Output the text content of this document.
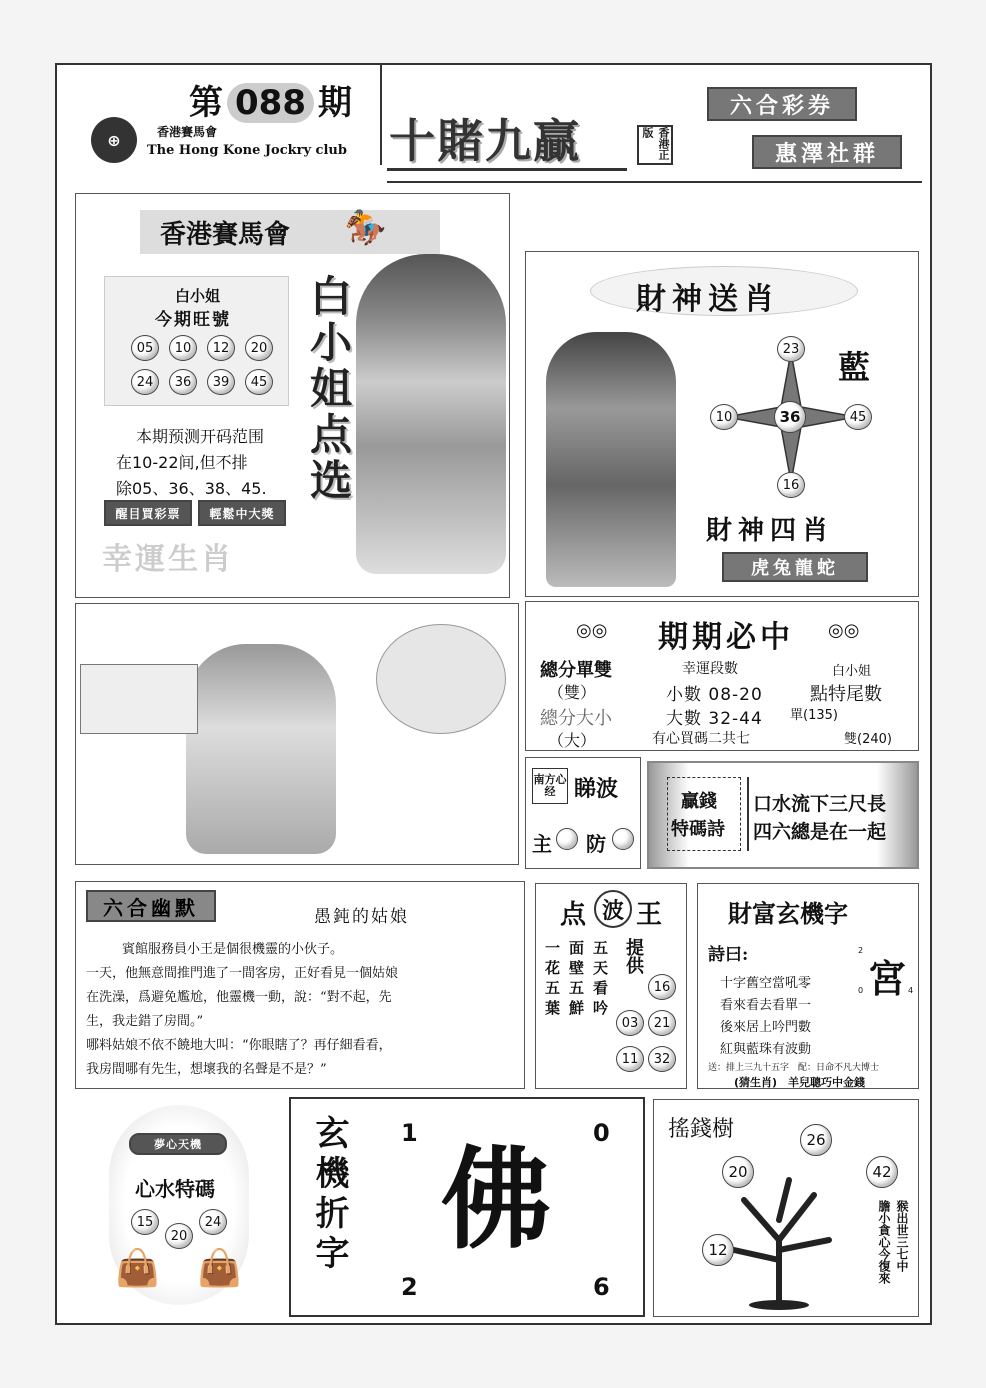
第 088 期
⊕	香港賽馬會
The Hong Kone Jockry club 十賭九贏	香港正版
六合彩券
惠澤社群
香港賽馬會 🏇
白小姐
今期旺號
05	10	12	20
24	36	39	45
本期预测开码范围
在10-22间,但不排
除05、36、38、45.
醒目買彩票	輕鬆中大獎
幸運生肖
白小姐点选	財神送肖
23
10	36	45
16
藍
財神四肖
虎兔龍蛇
◎◎ 期期必中 ◎◎
總分單雙
（雙）
總分大小
（大）
幸運段數
小數 08-20
大數 32-44
有心買碼二共七
白小姐
點特尾數
單(135)
雙(240)
南方心经 睇波
主 防
贏錢
特碼詩
口水流下三尺長
四六總是在一起
六合幽默	愚鈍的姑娘
賓館服務員小王是個很機靈的小伙子。
一天，他無意間推門進了一間客房，正好看見一個姑娘
在洗澡，爲避免尷尬，他靈機一動，說：“對不起，先
生，我走錯了房間。”
哪料姑娘不依不饒地大叫：“你眼瞎了？再仔細看看，
我房間哪有先生，想壞我的名聲是不是？”
点 波 王
一花五葉 面壁五鮮 五天看吟 提供
16
03	21
11	32
財富玄機字
詩曰:
十字舊空當吼零
看來看去看單一
後來居上吟門數
紅與藍珠有波動
宮
2
0	4
送：排上三九十五字　配：日命不凡大博士
(猜生肖)　羊兒聰巧中金錢
夢心天機
心水特碼
15
20
24
👜 👜 玄機折字 1	0
2	6
佛
搖錢樹	26
20	42
12	猴出世三七中
膽小貪心今復來
